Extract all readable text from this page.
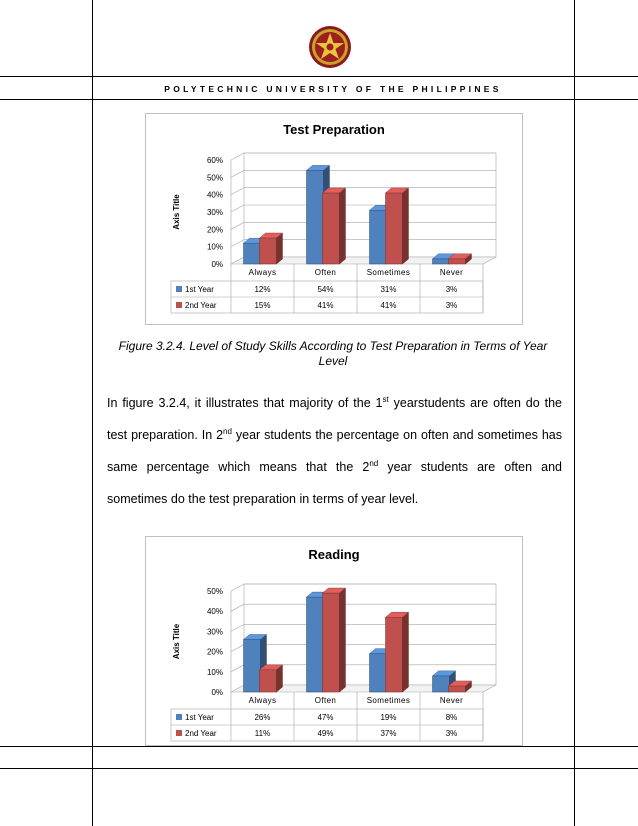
POLYTECHNIC UNIVERSITY OF THE PHILIPPINES
Test Preparation
Axis Title
0%
10%
20%
30%
40%
50%
60%
Always	Often	Sometimes	Never
1st Year	12%	54%	31%	3%
2nd Year	15%	41%	41%	3%
Figure 3.2.4. Level of Study Skills According to Test Preparation in Terms of Year Level
In figure 3.2.4, it illustrates that majority of the 1st yearstudents are often do the test preparation. In 2nd year students the percentage on often and sometimes has same percentage which means that the 2nd year students are often and sometimes do the test preparation in terms of year level.
Reading
Axis Title
0%
10%
20%
30%
40%
50%
Always	Often	Sometimes	Never
1st Year	26%	47%	19%	8%
2nd Year	11%	49%	37%	3%
